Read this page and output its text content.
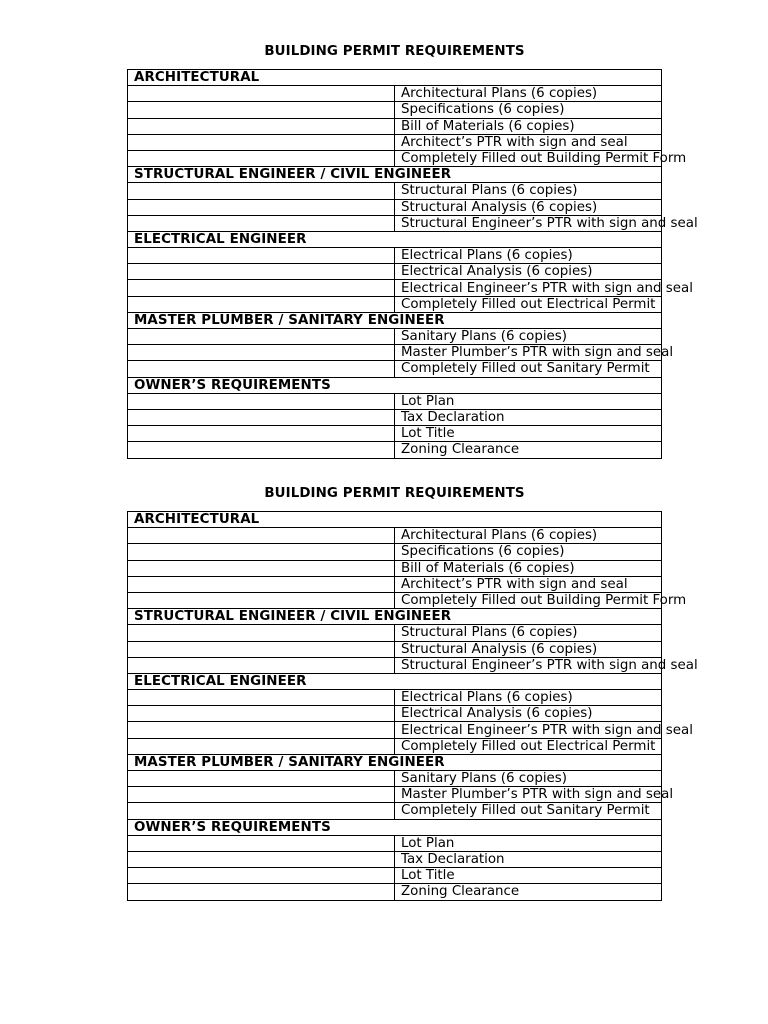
BUILDING PERMIT REQUIREMENTS
ARCHITECTURAL	
	Architectural Plans (6 copies)
	Specifications (6 copies)
	Bill of Materials (6 copies)
	Architect’s PTR with sign and seal
	Completely Filled out Building Permit Form
STRUCTURAL ENGINEER / CIVIL ENGINEER	
	Structural Plans (6 copies)
	Structural Analysis (6 copies)
	Structural Engineer’s PTR with sign and seal
ELECTRICAL ENGINEER	
	Electrical Plans (6 copies)
	Electrical Analysis (6 copies)
	Electrical Engineer’s PTR with sign and seal
	Completely Filled out Electrical Permit
MASTER PLUMBER / SANITARY ENGINEER	
	Sanitary Plans (6 copies)
	Master Plumber’s PTR with sign and seal
	Completely Filled out Sanitary Permit
OWNER’S REQUIREMENTS	
	Lot Plan
	Tax Declaration
	Lot Title
	Zoning Clearance
BUILDING PERMIT REQUIREMENTS
ARCHITECTURAL	
	Architectural Plans (6 copies)
	Specifications (6 copies)
	Bill of Materials (6 copies)
	Architect’s PTR with sign and seal
	Completely Filled out Building Permit Form
STRUCTURAL ENGINEER / CIVIL ENGINEER	
	Structural Plans (6 copies)
	Structural Analysis (6 copies)
	Structural Engineer’s PTR with sign and seal
ELECTRICAL ENGINEER	
	Electrical Plans (6 copies)
	Electrical Analysis (6 copies)
	Electrical Engineer’s PTR with sign and seal
	Completely Filled out Electrical Permit
MASTER PLUMBER / SANITARY ENGINEER	
	Sanitary Plans (6 copies)
	Master Plumber’s PTR with sign and seal
	Completely Filled out Sanitary Permit
OWNER’S REQUIREMENTS	
	Lot Plan
	Tax Declaration
	Lot Title
	Zoning Clearance
